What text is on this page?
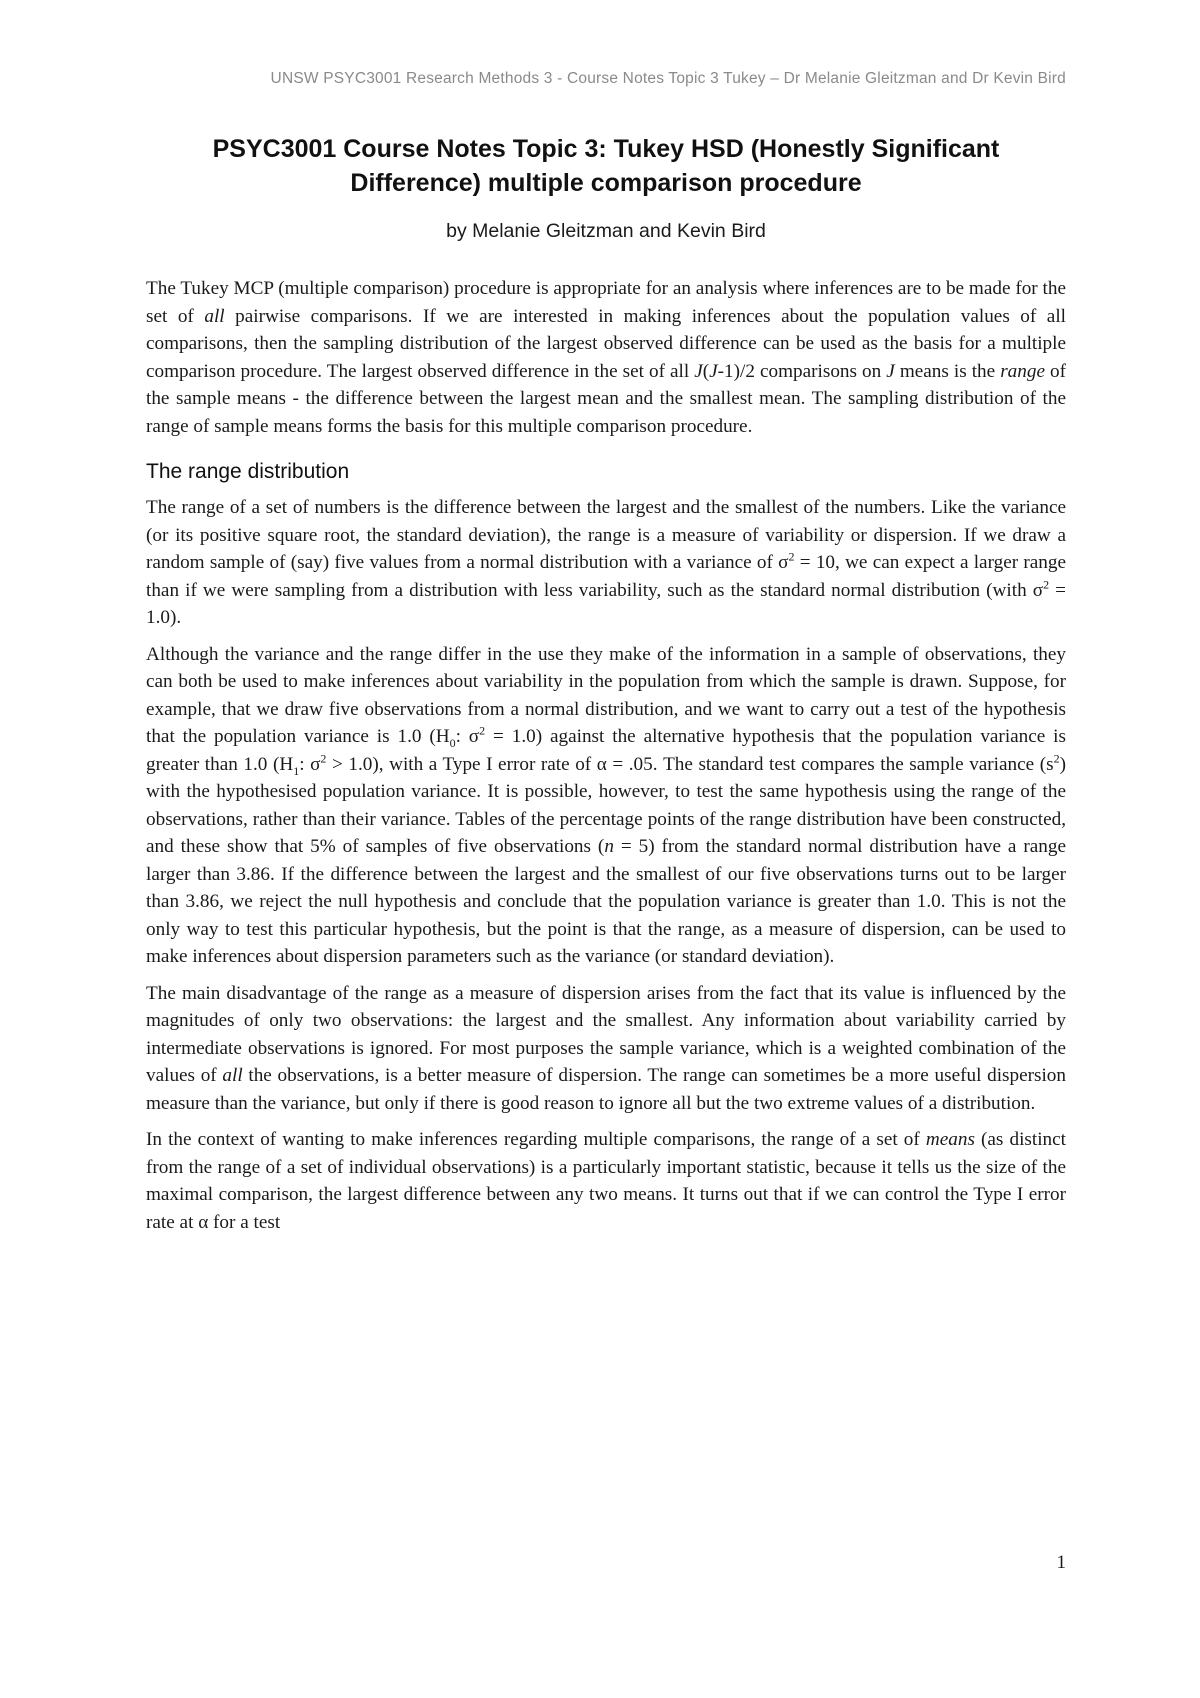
UNSW PSYC3001 Research Methods 3 - Course Notes Topic 3 Tukey – Dr Melanie Gleitzman and Dr Kevin Bird
PSYC3001 Course Notes Topic 3: Tukey HSD (Honestly Significant
Difference) multiple comparison procedure
by Melanie Gleitzman and Kevin Bird

The Tukey MCP (multiple comparison) procedure is appropriate for an analysis where inferences are to be made for the set of all pairwise comparisons. If we are interested in making inferences about the population values of all comparisons, then the sampling distribution of the largest observed difference can be used as the basis for a multiple comparison procedure. The largest observed difference in the set of all J(J-1)/2 comparisons on J means is the range of the sample means - the difference between the largest mean and the smallest mean. The sampling distribution of the range of sample means forms the basis for this multiple comparison procedure.

The range distribution

The range of a set of numbers is the difference between the largest and the smallest of the numbers. Like the variance (or its positive square root, the standard deviation), the range is a measure of variability or dispersion. If we draw a random sample of (say) five values from a normal distribution with a variance of $\sigma^2 = 10$, we can expect a larger range than if we were sampling from a distribution with less variability, such as the standard normal distribution (with $\sigma^2 = 1.0$).

Although the variance and the range differ in the use they make of the information in a sample of observations, they can both be used to make inferences about variability in the population from which the sample is drawn. Suppose, for example, that we draw five observations from a normal distribution, and we want to carry out a test of the hypothesis that the population variance is 1.0 ($H_0$: $\sigma^2 = 1.0$) against the alternative hypothesis that the population variance is greater than 1.0 ($H_1$: $\sigma^2 > 1.0$), with a Type I error rate of α = .05. The standard test compares the sample variance $(s^2)$ with the hypothesised population variance. It is possible, however, to test the same hypothesis using the range of the observations, rather than their variance. Tables of the percentage points of the range distribution have been constructed, and these show that 5% of samples of five observations (n = 5) from the standard normal distribution have a range larger than 3.86. If the difference between the largest and the smallest of our five observations turns out to be larger than 3.86, we reject the null hypothesis and conclude that the population variance is greater than 1.0. This is not the only way to test this particular hypothesis, but the point is that the range, as a measure of dispersion, can be used to make inferences about dispersion parameters such as the variance (or standard deviation).

The main disadvantage of the range as a measure of dispersion arises from the fact that its value is influenced by the magnitudes of only two observations: the largest and the smallest. Any information about variability carried by intermediate observations is ignored. For most purposes the sample variance, which is a weighted combination of the values of all the observations, is a better measure of dispersion. The range can sometimes be a more useful dispersion measure than the variance, but only if there is good reason to ignore all but the two extreme values of a distribution.

In the context of wanting to make inferences regarding multiple comparisons, the range of a set of means (as distinct from the range of a set of individual observations) is a particularly important statistic, because it tells us the size of the maximal comparison, the largest difference between any two means. It turns out that if we can control the Type I error rate at α for a test

1
